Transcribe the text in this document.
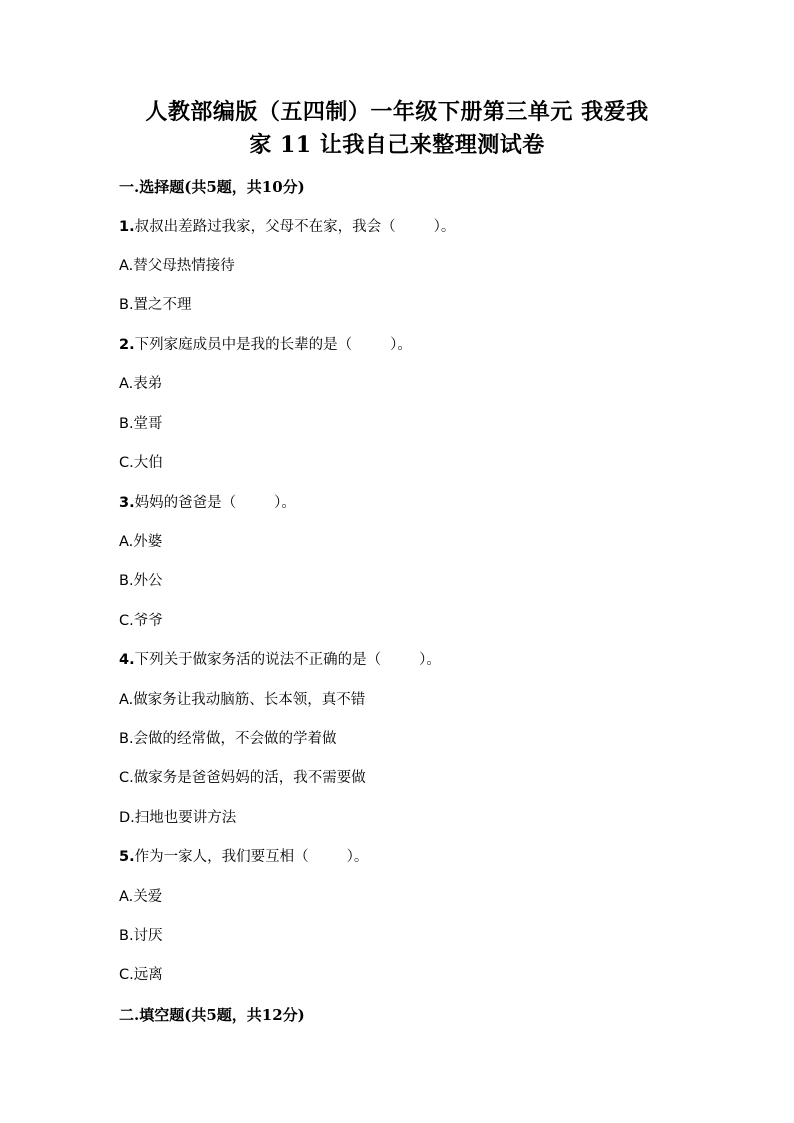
人教部编版（五四制）一年级下册第三单元 我爱我
家 11 让我自己来整理测试卷
一.选择题(共5题，共10分)
1.叔叔出差路过我家，父母不在家，我会（	）。
A.替父母热情接待
B.置之不理
2.下列家庭成员中是我的长辈的是（	）。
A.表弟
B.堂哥
C.大伯
3.妈妈的爸爸是（	）。
A.外婆
B.外公
C.爷爷
4.下列关于做家务活的说法不正确的是（	）。
A.做家务让我动脑筋、长本领，真不错
B.会做的经常做，不会做的学着做
C.做家务是爸爸妈妈的活，我不需要做
D.扫地也要讲方法
5.作为一家人，我们要互相（	）。
A.关爱
B.讨厌
C.远离
二.填空题(共5题，共12分)
